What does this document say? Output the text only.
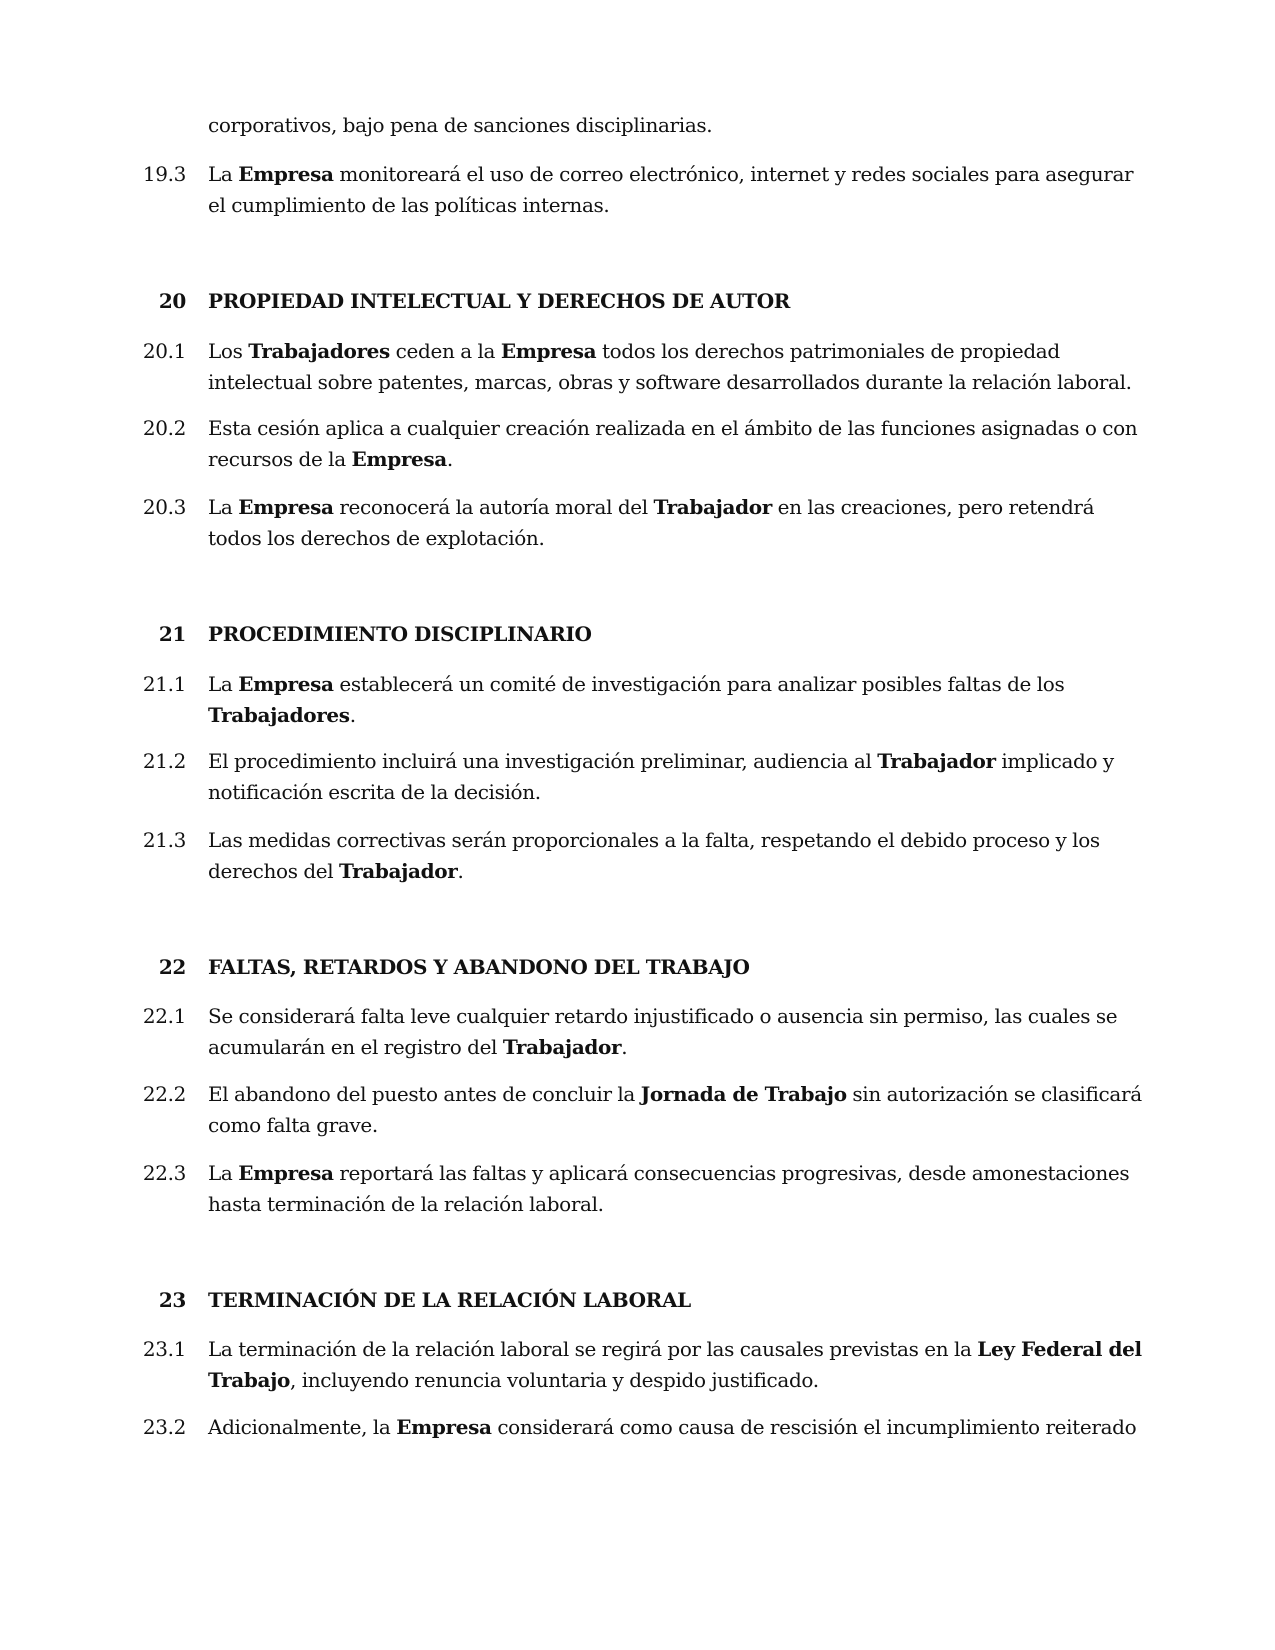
corporativos, bajo pena de sanciones disciplinarias.
19.3 La Empresa monitoreará el uso de correo electrónico, internet y redes sociales para asegurar
el cumplimiento de las políticas internas.
20 PROPIEDAD INTELECTUAL Y DERECHOS DE AUTOR
20.1 Los Trabajadores ceden a la Empresa todos los derechos patrimoniales de propiedad
intelectual sobre patentes, marcas, obras y software desarrollados durante la relación laboral.
20.2 Esta cesión aplica a cualquier creación realizada en el ámbito de las funciones asignadas o con
recursos de la Empresa.
20.3 La Empresa reconocerá la autoría moral del Trabajador en las creaciones, pero retendrá
todos los derechos de explotación.
21 PROCEDIMIENTO DISCIPLINARIO
21.1 La Empresa establecerá un comité de investigación para analizar posibles faltas de los
Trabajadores.
21.2 El procedimiento incluirá una investigación preliminar, audiencia al Trabajador implicado y
notificación escrita de la decisión.
21.3 Las medidas correctivas serán proporcionales a la falta, respetando el debido proceso y los
derechos del Trabajador.
22 FALTAS, RETARDOS Y ABANDONO DEL TRABAJO
22.1 Se considerará falta leve cualquier retardo injustificado o ausencia sin permiso, las cuales se
acumularán en el registro del Trabajador.
22.2 El abandono del puesto antes de concluir la Jornada de Trabajo sin autorización se clasificará
como falta grave.
22.3 La Empresa reportará las faltas y aplicará consecuencias progresivas, desde amonestaciones
hasta terminación de la relación laboral.
23 TERMINACIÓN DE LA RELACIÓN LABORAL
23.1 La terminación de la relación laboral se regirá por las causales previstas en la Ley Federal del
Trabajo, incluyendo renuncia voluntaria y despido justificado.
23.2 Adicionalmente, la Empresa considerará como causa de rescisión el incumplimiento reiterado
